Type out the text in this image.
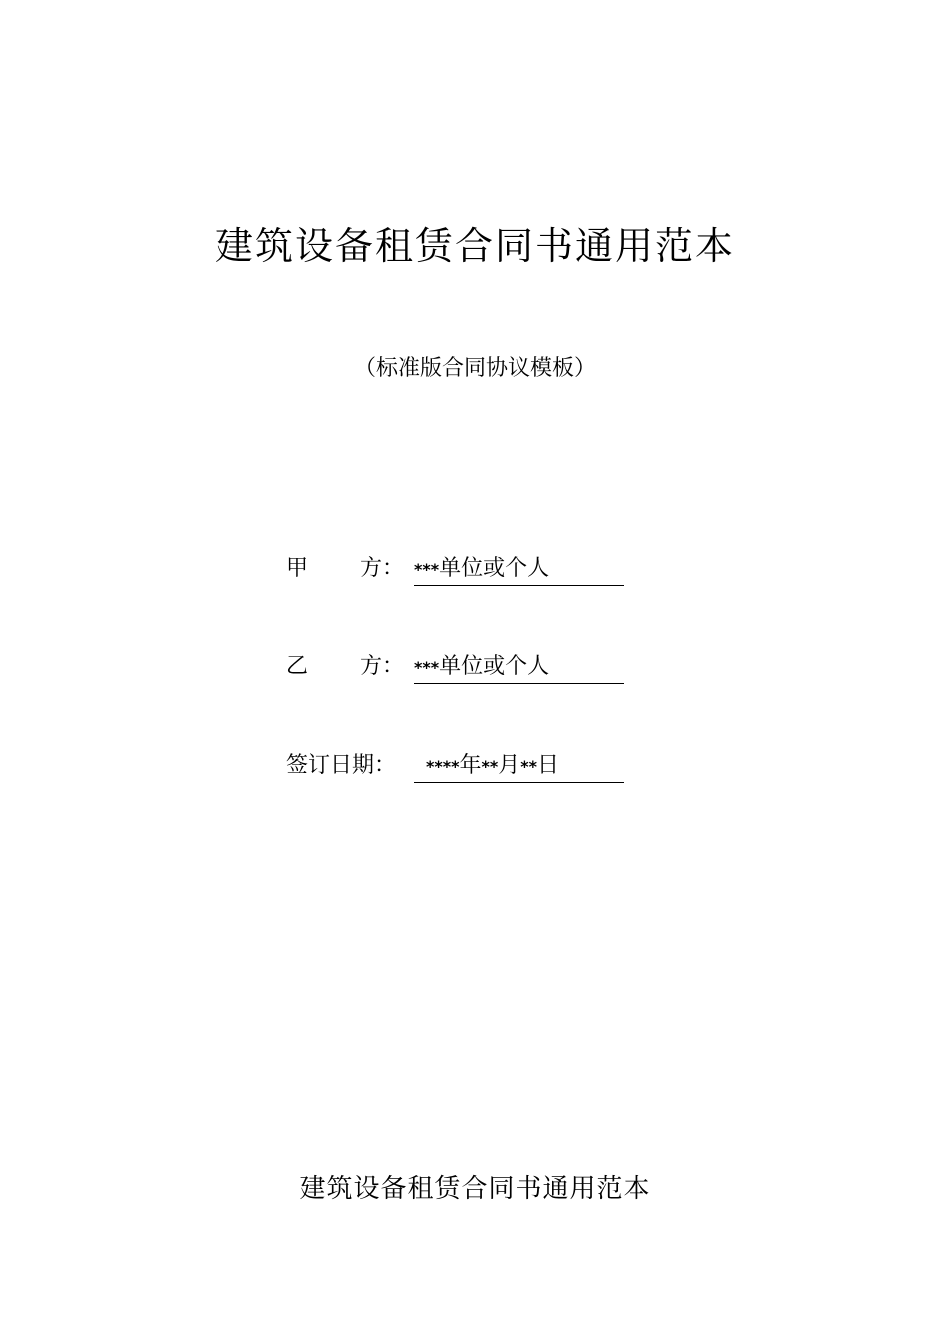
建筑设备租赁合同书通用范本
（标准版合同协议模板）
甲 方： ***单位或个人
乙 方： ***单位或个人
签订日期：	****年**月**日
建筑设备租赁合同书通用范本
